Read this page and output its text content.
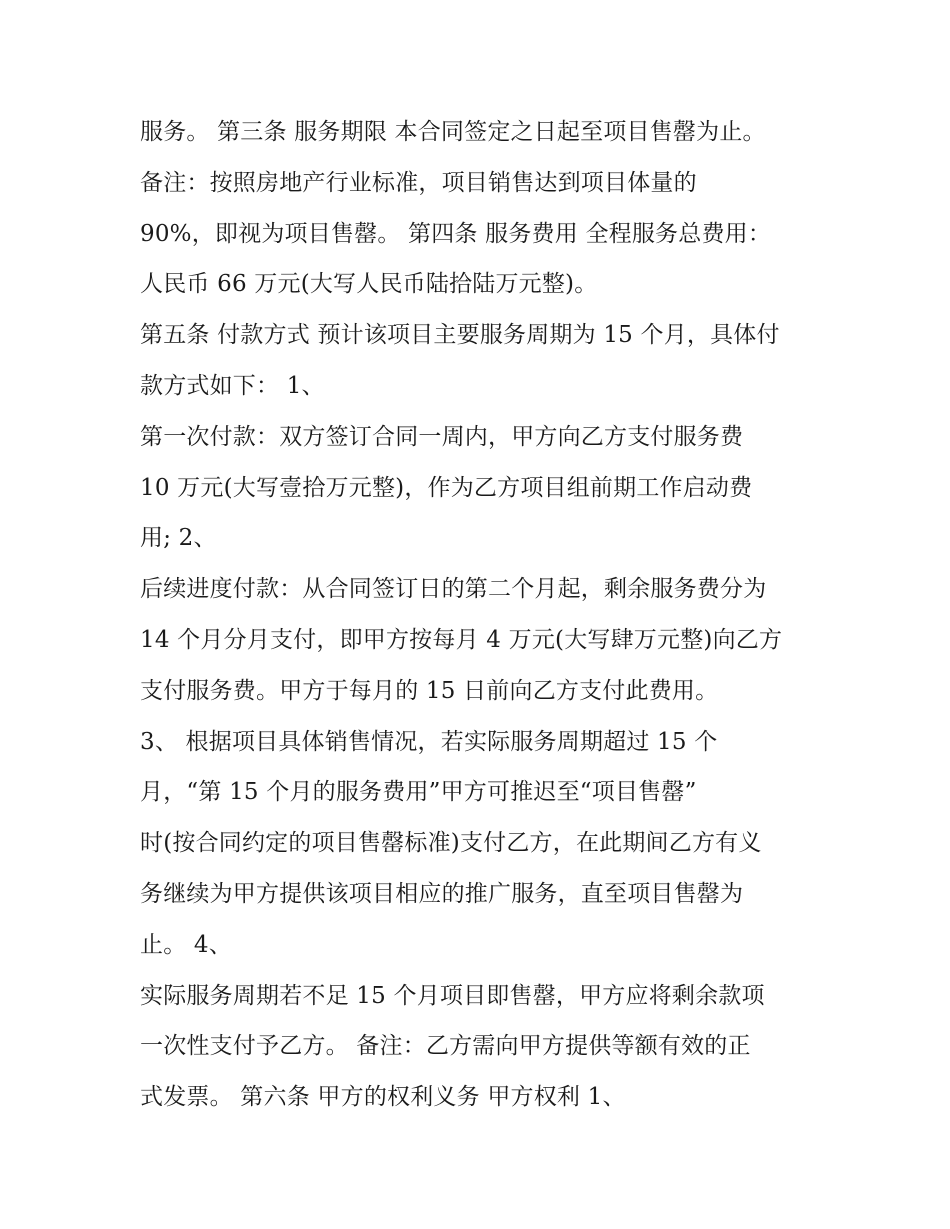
服务。 第三条 服务期限 本合同签定之日起至项目售罄为止。
备注：按照房地产行业标准，项目销售达到项目体量的
90%，即视为项目售罄。 第四条 服务费用 全程服务总费用：
人民币 66 万元(大写人民币陆拾陆万元整)。
第五条 付款方式 预计该项目主要服务周期为 15 个月，具体付
款方式如下： 1、
第一次付款：双方签订合同一周内，甲方向乙方支付服务费
10 万元(大写壹拾万元整)，作为乙方项目组前期工作启动费
用; 2、
后续进度付款：从合同签订日的第二个月起，剩余服务费分为
14 个月分月支付，即甲方按每月 4 万元(大写肆万元整)向乙方
支付服务费。甲方于每月的 15 日前向乙方支付此费用。
3、 根据项目具体销售情况，若实际服务周期超过 15 个
月，“第 15 个月的服务费用”甲方可推迟至“项目售罄”
时(按合同约定的项目售罄标准)支付乙方，在此期间乙方有义
务继续为甲方提供该项目相应的推广服务，直至项目售罄为
止。 4、
实际服务周期若不足 15 个月项目即售罄，甲方应将剩余款项
一次性支付予乙方。 备注：乙方需向甲方提供等额有效的正
式发票。 第六条 甲方的权利义务 甲方权利 1、
